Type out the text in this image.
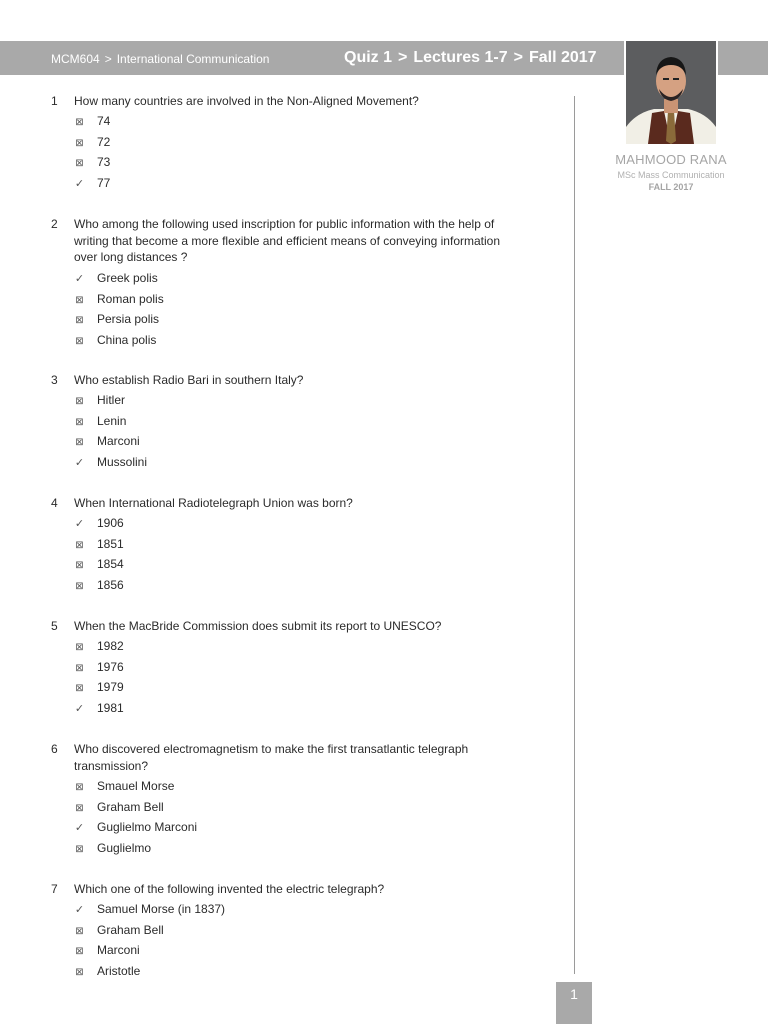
MCM604 > International Communication	Quiz 1 > Lectures 1-7 > Fall 2017
MAHMOOD RANA
MSc Mass Communication
FALL 2017
1 How many countries are involved in the Non-Aligned Movement?
⊠ 74
⊠ 72
⊠ 73
✓ 77
2 Who among the following used inscription for public information with the help of writing that become a more flexible and efficient means of conveying information over long distances ?
✓ Greek polis
⊠ Roman polis
⊠ Persia polis
⊠ China polis
3 Who establish Radio Bari in southern Italy?
⊠ Hitler
⊠ Lenin
⊠ Marconi
✓ Mussolini
4 When International Radiotelegraph Union was born?
✓ 1906
⊠ 1851
⊠ 1854
⊠ 1856
5 When the MacBride Commission does submit its report to UNESCO?
⊠ 1982
⊠ 1976
⊠ 1979
✓ 1981
6 Who discovered electromagnetism to make the first transatlantic telegraph transmission?
⊠ Smauel Morse
⊠ Graham Bell
✓ Guglielmo Marconi
⊠ Guglielmo
7 Which one of the following invented the electric telegraph?
✓ Samuel Morse (in 1837)
⊠ Graham Bell
⊠ Marconi
⊠ Aristotle
1
